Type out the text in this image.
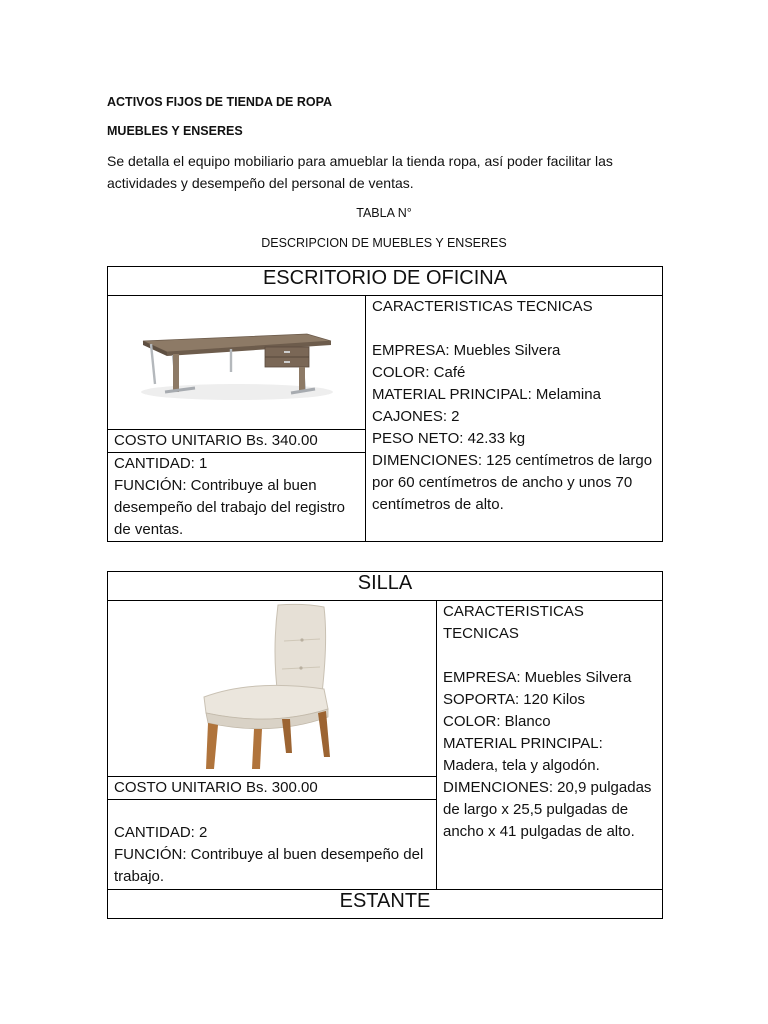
ACTIVOS FIJOS DE TIENDA DE ROPA
MUEBLES Y ENSERES
Se detalla el equipo mobiliario para amueblar la tienda ropa, así poder facilitar las actividades y desempeño del personal de ventas.
TABLA N°
DESCRIPCION DE MUEBLES Y ENSERES
ESCRITORIO DE OFICINA

CARACTERISTICAS TECNICAS
EMPRESA: Muebles Silvera
COLOR: Café
MATERIAL PRINCIPAL: Melamina
CAJONES: 2
PESO NETO: 42.33 kg
DIMENCIONES: 125 centímetros de largo por 60 centímetros de ancho y unos 70 centímetros de alto.

COSTO UNITARIO Bs. 340.00

CANTIDAD: 1
FUNCIÓN: Contribuye al buen desempeño del trabajo del registro de ventas.
SILLA

CARACTERISTICAS TECNICAS
EMPRESA: Muebles Silvera
SOPORTA: 120 Kilos
COLOR: Blanco
MATERIAL PRINCIPAL: Madera, tela y algodón.
DIMENCIONES: 20,9 pulgadas de largo x 25,5 pulgadas de ancho x 41 pulgadas de alto.

COSTO UNITARIO Bs. 300.00

CANTIDAD: 2
FUNCIÓN: Contribuye al buen desempeño del trabajo.

ESTANTE
